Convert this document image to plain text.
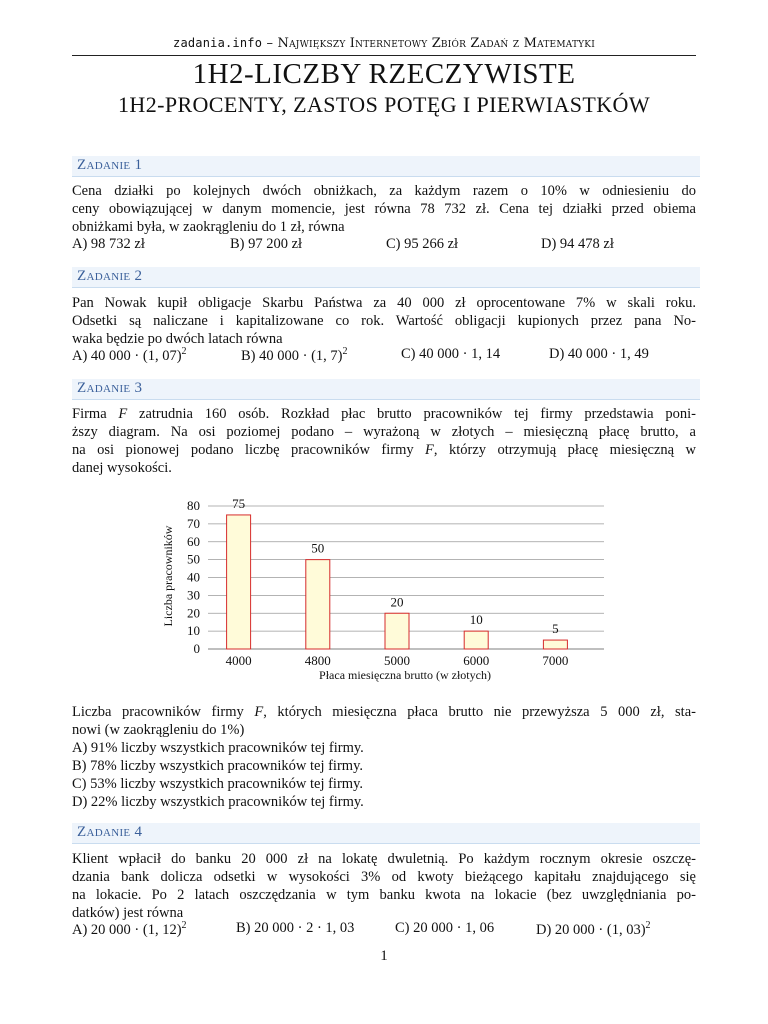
zadania.info – Największy Internetowy Zbiór Zadań z Matematyki
1H2-LICZBY RZECZYWISTE
1H2-PROCENTY, ZASTOS POTĘG I PIERWIASTKÓW
Zadanie 1
Cena działki po kolejnych dwóch obniżkach, za każdym razem o 10% w odniesieniu do
ceny obowiązującej w danym momencie, jest równa 78 732 zł. Cena tej działki przed obiema
obniżkami była, w zaokrągleniu do 1 zł, równa
A) 98 732 zł	B) 97 200 zł	C) 95 266 zł	D) 94 478 zł
Zadanie 2
Pan Nowak kupił obligacje Skarbu Państwa za 40 000 zł oprocentowane 7% w skali roku.
Odsetki są naliczane i kapitalizowane co rok. Wartość obligacji kupionych przez pana No-
waka będzie po dwóch latach równa
A) 40 000 · (1, 07)$^2$	B) 40 000 · (1, 7)$^2$	C) 40 000 · 1, 14	D) 40 000 · 1, 49
Zadanie 3
Firma F zatrudnia 160 osób. Rozkład płac brutto pracowników tej firmy przedstawia poni-
ższy diagram. Na osi poziomej podano – wyrażoną w złotych – miesięczną płacę brutto, a
na osi pionowej podano liczbę pracowników firmy F, którzy otrzymują płacę miesięczną w
danej wysokości.
0
10
20
30
40
50
60
70
80 75
4000
50
4800
20
5000
10
6000
5
7000
Liczba pracowników
Płaca miesięczna brutto (w złotych)
Liczba pracowników firmy F, których miesięczna płaca brutto nie przewyższa 5 000 zł, sta-
nowi (w zaokrągleniu do 1%)
A) 91% liczby wszystkich pracowników tej firmy.
B) 78% liczby wszystkich pracowników tej firmy.
C) 53% liczby wszystkich pracowników tej firmy.
D) 22% liczby wszystkich pracowników tej firmy.
Zadanie 4
Klient wpłacił do banku 20 000 zł na lokatę dwuletnią. Po każdym rocznym okresie oszczę-
dzania bank dolicza odsetki w wysokości 3% od kwoty bieżącego kapitału znajdującego się
na lokacie. Po 2 latach oszczędzania w tym banku kwota na lokacie (bez uwzględniania po-
datków) jest równa
A) 20 000 · (1, 12)$^2$	B) 20 000 · 2 · 1, 03	C) 20 000 · 1, 06	D) 20 000 · (1, 03)$^2$
1
